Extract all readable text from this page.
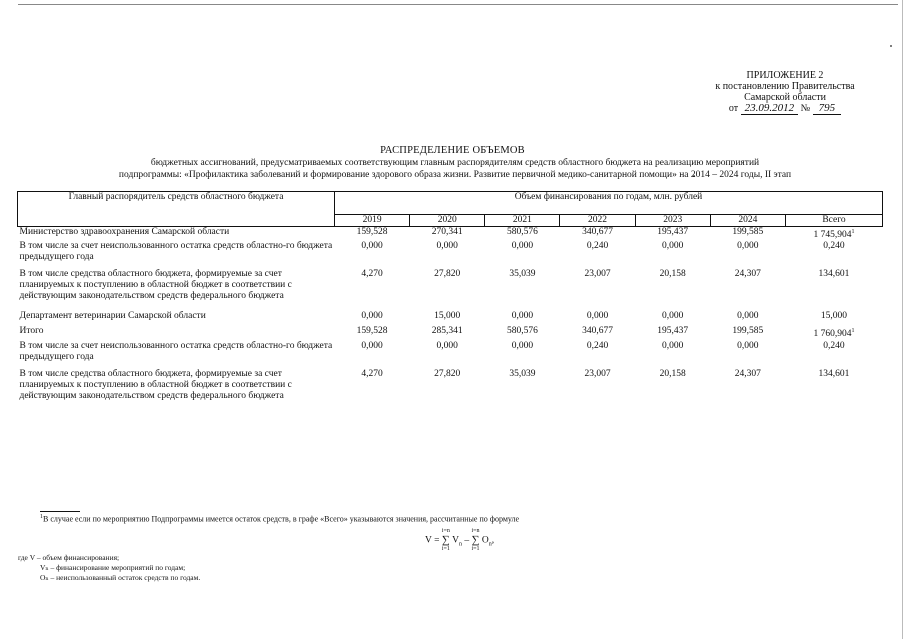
ПРИЛОЖЕНИЕ 2
к постановлению Правительства
Самарской области
от 23.09.2012 № 795
РАСПРЕДЕЛЕНИЕ ОБЪЕМОВ
бюджетных ассигнований, предусматриваемых соответствующим главным распорядителям средств областного бюджета на реализацию мероприятий
подпрограммы: «Профилактика заболеваний и формирование здорового образа жизни. Развитие первичной медико-санитарной помощи» на 2014 – 2024 годы, II этап
Главный распорядитель средств областного бюджета	Объем финансирования по годам, млн. рублей						
	2019	2020	2021	2022	2023	2024	Всего
Министерство здравоохранения Самарской области	159,528	270,341	580,576	340,677	195,437	199,585	1 745,904$^1$
В том числе за счет неиспользованного остатка средств областно-го бюджета предыдущего года	0,000	0,000	0,000	0,240	0,000	0,000	0,240
В том числе средства областного бюджета, формируемые за счет планируемых к поступлению в областной бюджет в соответствии с действующим законодательством средств федерального бюджета	4,270	27,820	35,039	23,007	20,158	24,307	134,601
Департамент ветеринарии Самарской области	0,000	15,000	0,000	0,000	0,000	0,000	15,000
Итого	159,528	285,341	580,576	340,677	195,437	199,585	1 760,904$^1$
В том числе за счет неиспользованного остатка средств областно-го бюджета предыдущего года	0,000	0,000	0,000	0,240	0,000	0,000	0,240
В том числе средства областного бюджета, формируемые за счет планируемых к поступлению в областной бюджет в соответствии с действующим законодательством средств федерального бюджета	4,270	27,820	35,039	23,007	20,158	24,307	134,601
$^1$В случае если по мероприятию Подпрограммы имеется остаток средств, в графе «Всего» указываются значения, рассчитанные по формуле
V =
i=n
∑
i=1
$V_n$ –
i=n
∑
i=1
$O_n$,
где V – объем финансирования;
Vₙ – финансирование мероприятий по годам;
Oₙ – неиспользованный остаток средств по годам.
